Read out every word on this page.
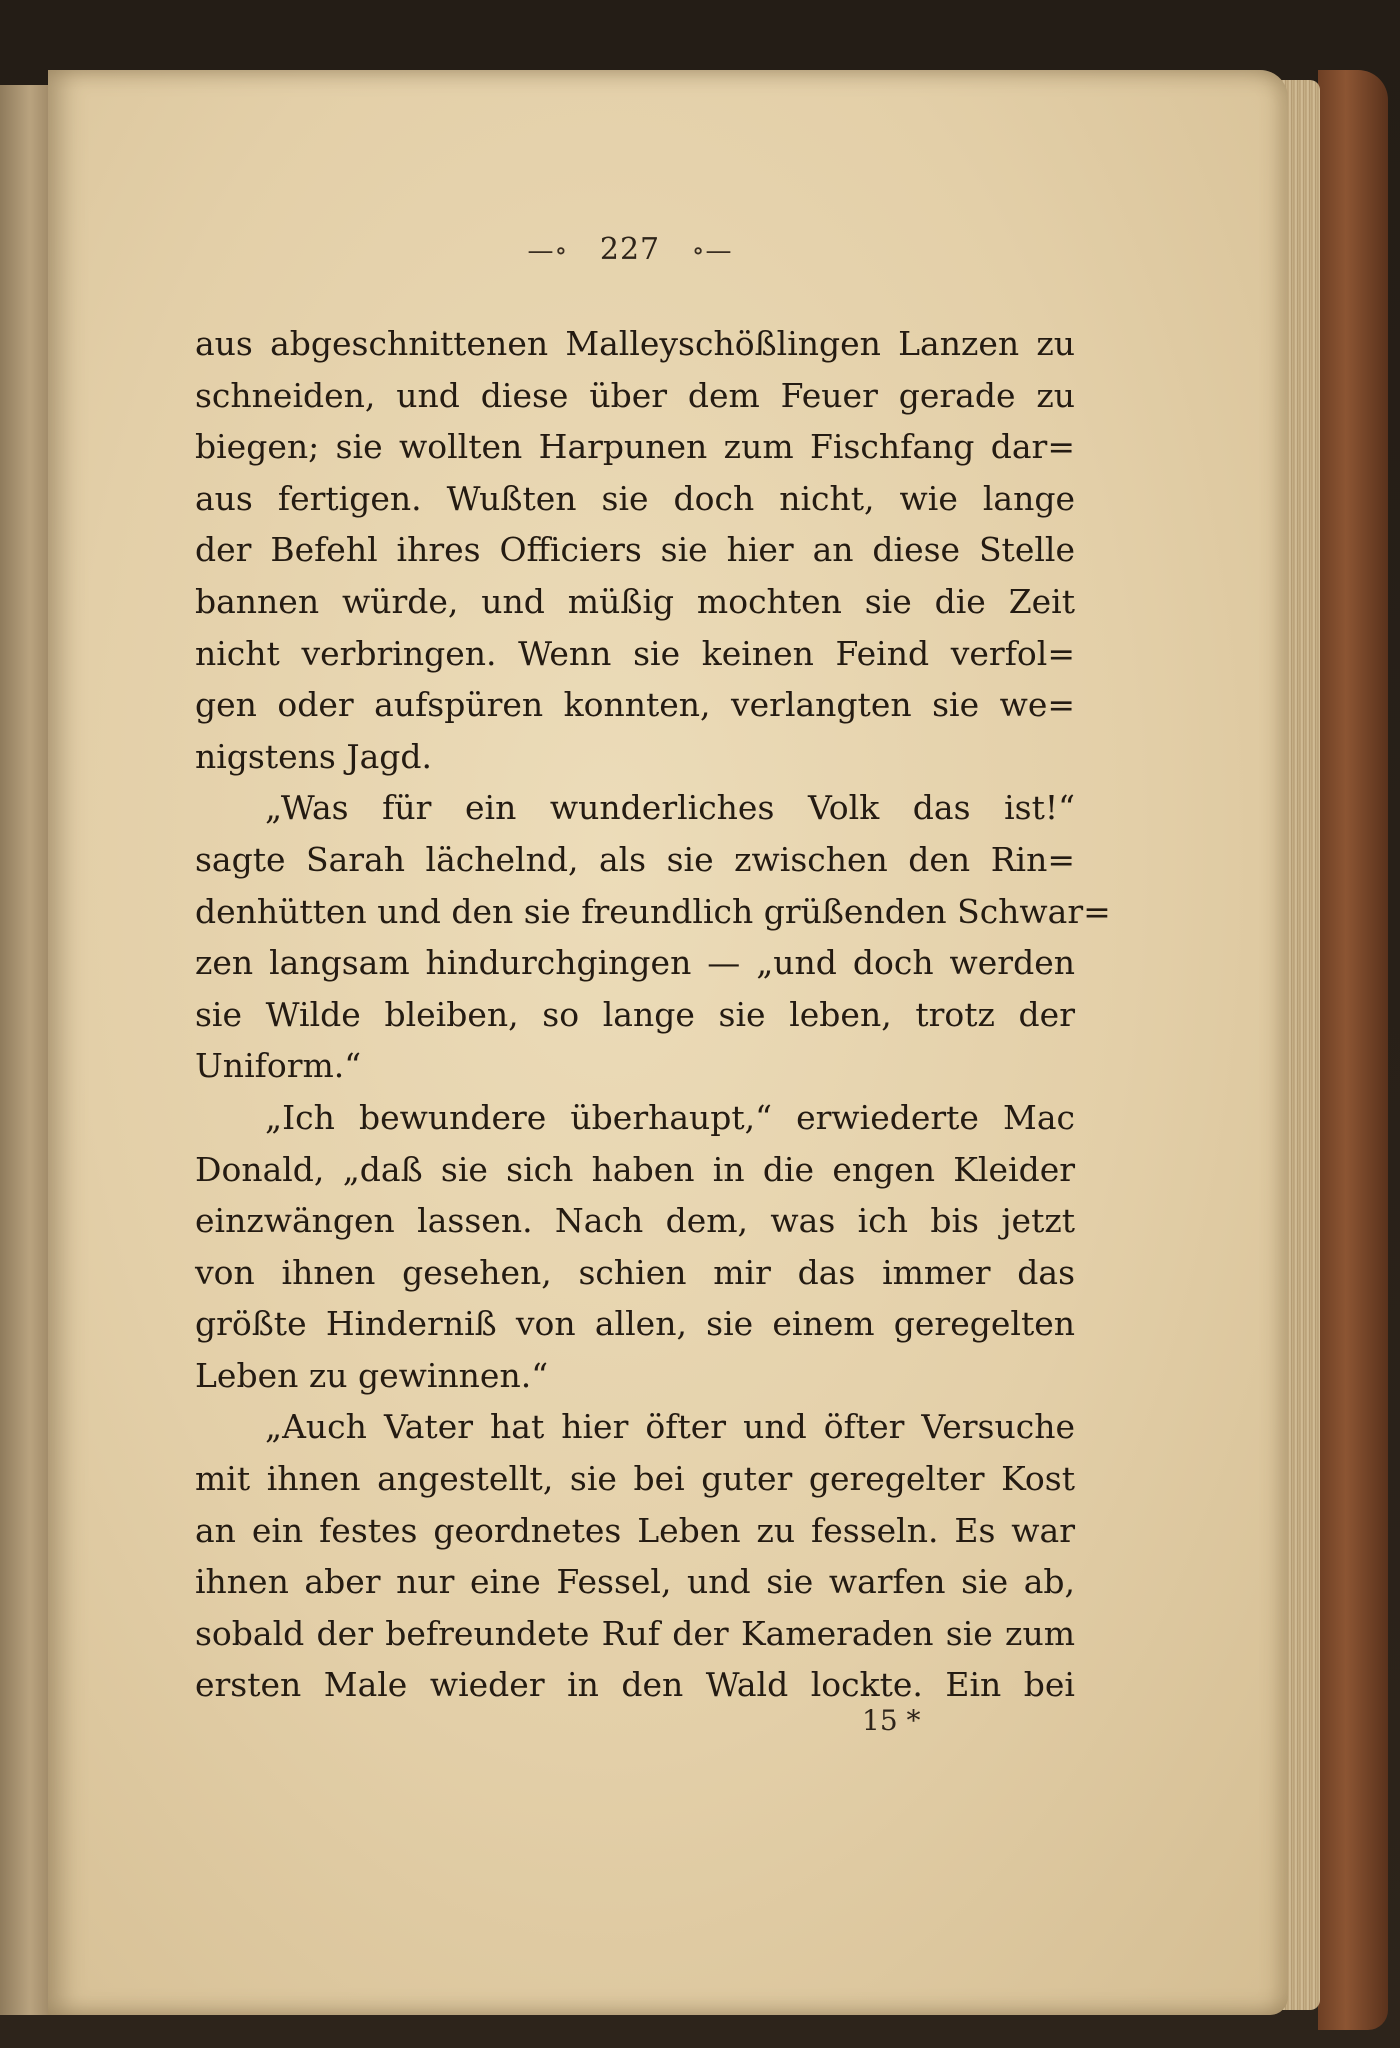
—∘ 227 ∘—
aus abgeschnittenen Malleyschößlingen Lanzen zu
schneiden, und diese über dem Feuer gerade zu
biegen; sie wollten Harpunen zum Fischfang dar=
aus fertigen. Wußten sie doch nicht, wie lange
der Befehl ihres Officiers sie hier an diese Stelle
bannen würde, und müßig mochten sie die Zeit
nicht verbringen. Wenn sie keinen Feind verfol=
gen oder aufspüren konnten, verlangten sie we=
nigstens Jagd.
„Was für ein wunderliches Volk das ist!“
sagte Sarah lächelnd, als sie zwischen den Rin=
denhütten und den sie freundlich grüßenden Schwar=
zen langsam hindurchgingen — „und doch werden
sie Wilde bleiben, so lange sie leben, trotz der
Uniform.“
„Ich bewundere überhaupt,“ erwiederte Mac
Donald, „daß sie sich haben in die engen Kleider
einzwängen lassen. Nach dem, was ich bis jetzt
von ihnen gesehen, schien mir das immer das
größte Hinderniß von allen, sie einem geregelten
Leben zu gewinnen.“
„Auch Vater hat hier öfter und öfter Versuche
mit ihnen angestellt, sie bei guter geregelter Kost
an ein festes geordnetes Leben zu fesseln. Es war
ihnen aber nur eine Fessel, und sie warfen sie ab,
sobald der befreundete Ruf der Kameraden sie zum
ersten Male wieder in den Wald lockte. Ein bei
15 *
